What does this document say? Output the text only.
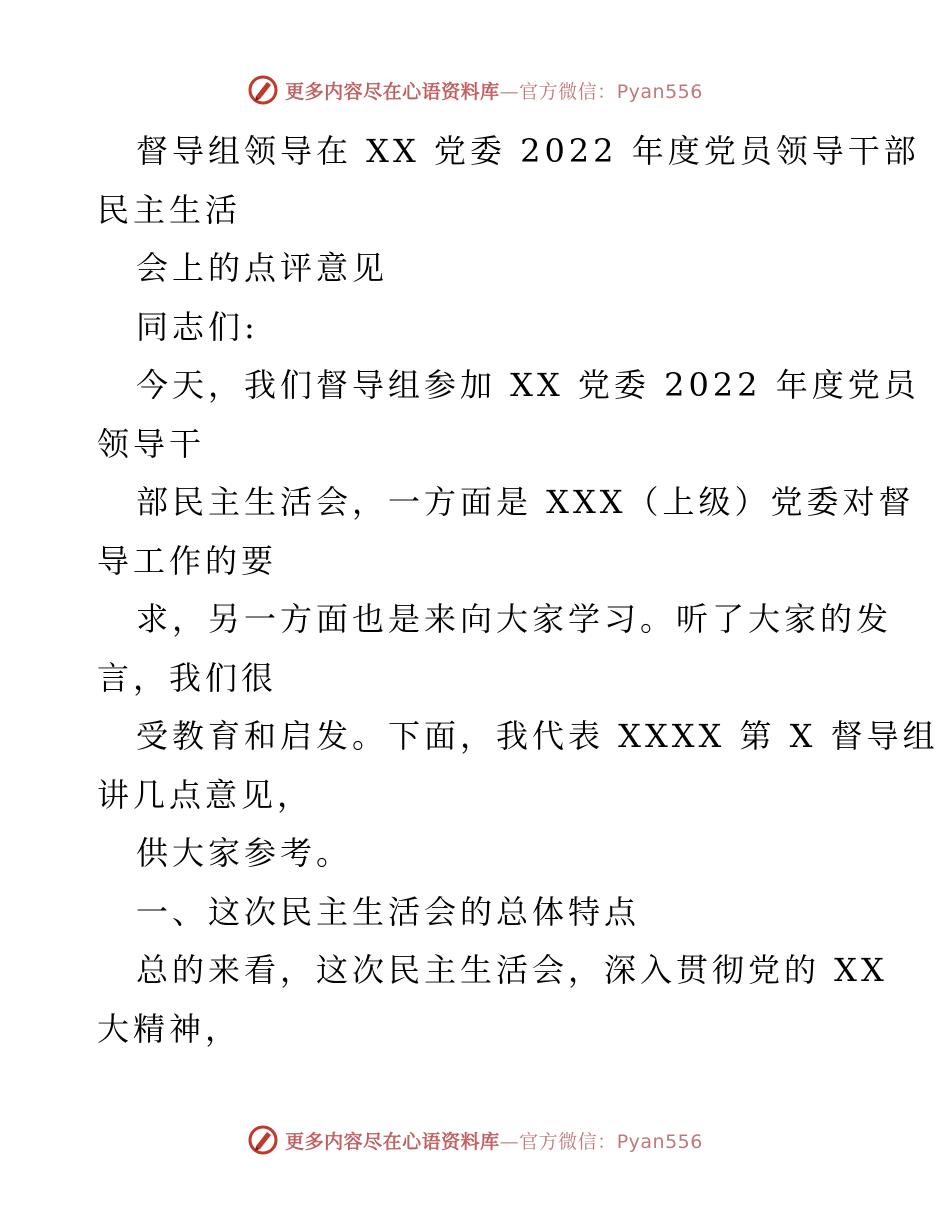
更多内容尽在心语资料库—官方微信：Pyan556
督导组领导在 XX 党委 2022 年度党员领导干部
民主生活
会上的点评意见
同志们:
今天，我们督导组参加 XX 党委 2022 年度党员
领导干
部民主生活会，一方面是 XXX（上级）党委对督
导工作的要
求，另一方面也是来向大家学习。听了大家的发
言，我们很
受教育和启发。下面，我代表 XXXX 第 X 督导组
讲几点意见，
供大家参考。
一、这次民主生活会的总体特点
总的来看，这次民主生活会，深入贯彻党的 XX
大精神，
更多内容尽在心语资料库—官方微信：Pyan556
